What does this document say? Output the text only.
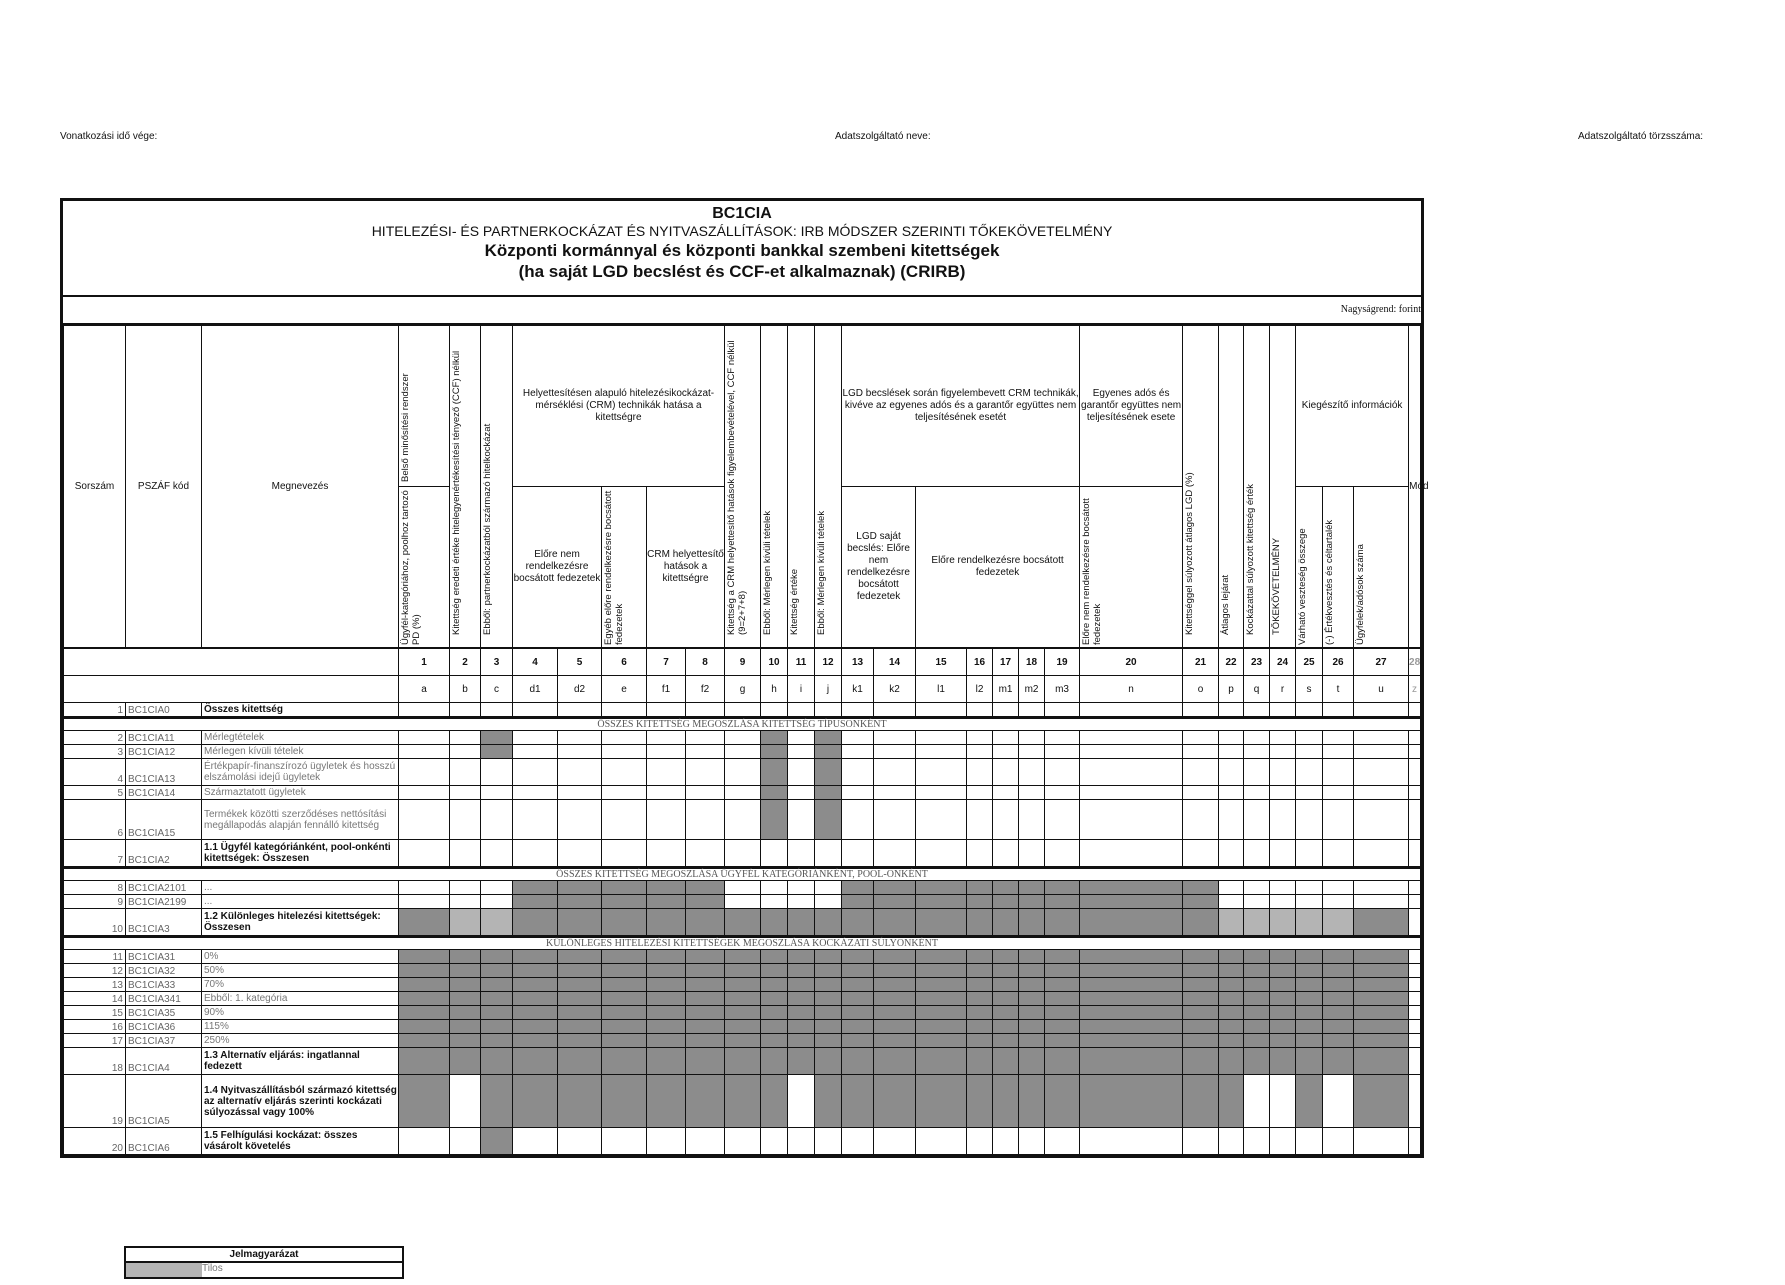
Vonatkozási idő vége:	Adatszolgáltató neve:	Adatszolgáltató törzsszáma:
BC1CIA
HITELEZÉSI- ÉS PARTNERKOCKÁZAT ÉS NYITVASZÁLLÍTÁSOK: IRB MÓDSZER SZERINTI TŐKEKÖVETELMÉNY
Központi kormánnyal és központi bankkal szembeni kitettségek
(ha saját LGD becslést és CCF-et alkalmaznak) (CRIRB)
Nagyságrend: forint
Sorszám	PSZÁF kód	Megnevezés	Belső minősítési rendszer	Kitettség eredeti értéke hitelegyenértékesítési tényező (CCF) nélkül	Ebből: partnerkockázatból származó hitelkockázat	Helyettesítésen alapuló hitelezésikockázat-mérséklési (CRM) technikák hatása a kitettségre			Kitettség a CRM helyettesítő hatások figyelembevételével, CCF nélkül (9=2+7+8)	Ebből: Mérlegen kívüli tételek	Kitettség értéke	Ebből: Mérlegen kívüli tételek	LGD becslések során figyelembevett CRM technikák, kivéve az egyenes adós és a garantőr együttes nem teljesítésének esetét		Egyenes adós és garantőr együttes nem teljesítésének esete	Kitettséggel súlyozott átlagos LGD (%)	Átlagos lejárat	Kockázattal súlyozott kitettség érték	TŐKEKÖVETELMÉNY	Kiegészítő információk			Mód

			Ügyfél-kategóriához, poolhoz tartozó PD (%)			Előre nem rendelkezésre bocsátott fedezetek	Egyéb előre rendelkezésre bocsátott fedezetek	CRM helyettesítő hatások a kitettségre					LGD saját becslés: Előre nem rendelkezésre bocsátott fedezetek	Előre rendelkezésre bocsátott fedezetek	Előre nem rendelkezésre bocsátott fedezetek					Várható veszteség összege	(-) Értékvesztés és céltartalék	Ügyfelek/adósok száma	
			1	2	3	4	5	6	7	8	9	10	11	12	13	14	15	16	17	18	19	20	21	22	23	24	25	26	27	28
			a	b	c	d1	d2	e	f1	f2	g	h	i	j	k1	k2	l1	l2	m1	m2	m3	n	o	p	q	r	s	t	u	z
1	BC1CIA0	Összes kitettség																												
ÖSSZES KITETTSÉG MEGOSZLÁSA KITETTSÉG TÍPUSONKÉNT																														
2	BC1CIA11	Mérlegtételek																												
3	BC1CIA12	Mérlegen kívüli tételek																												
4	BC1CIA13	Értékpapír-finanszírozó ügyletek és hosszú elszámolási idejű ügyletek																												
5	BC1CIA14	Származtatott ügyletek																												
6	BC1CIA15	Termékek közötti szerződéses nettósítási megállapodás alapján fennálló kitettség																												
7	BC1CIA2	1.1 Ügyfél kategóriánként, pool-onkénti kitettségek: Összesen																												
ÖSSZES KITETTSÉG MEGOSZLÁSA ÜGYFÉL KATEGÓRIÁNKÉNT, POOL-ONKÉNT																														
8	BC1CIA2101	...																												
9	BC1CIA2199	...																												
10	BC1CIA3	1.2 Különleges hitelezési kitettségek: Összesen																												
KÜLÖNLEGES HITELEZÉSI KITETTSÉGEK MEGOSZLÁSA KOCKÁZATI SÚLYONKÉNT																														
11	BC1CIA31	0%																												
12	BC1CIA32	50%																												
13	BC1CIA33	70%																												
14	BC1CIA341	Ebből: 1. kategória																												
15	BC1CIA35	90%																												
16	BC1CIA36	115%																												
17	BC1CIA37	250%																												
18	BC1CIA4	1.3 Alternatív eljárás: ingatlannal fedezett																												
19	BC1CIA5	1.4 Nyitvaszállításból származó kitettség az alternatív eljárás szerinti kockázati súlyozással vagy 100%																												
20	BC1CIA6	1.5 Felhígulási kockázat: összes vásárolt követelés																												
Jelmagyarázat
Tilos
